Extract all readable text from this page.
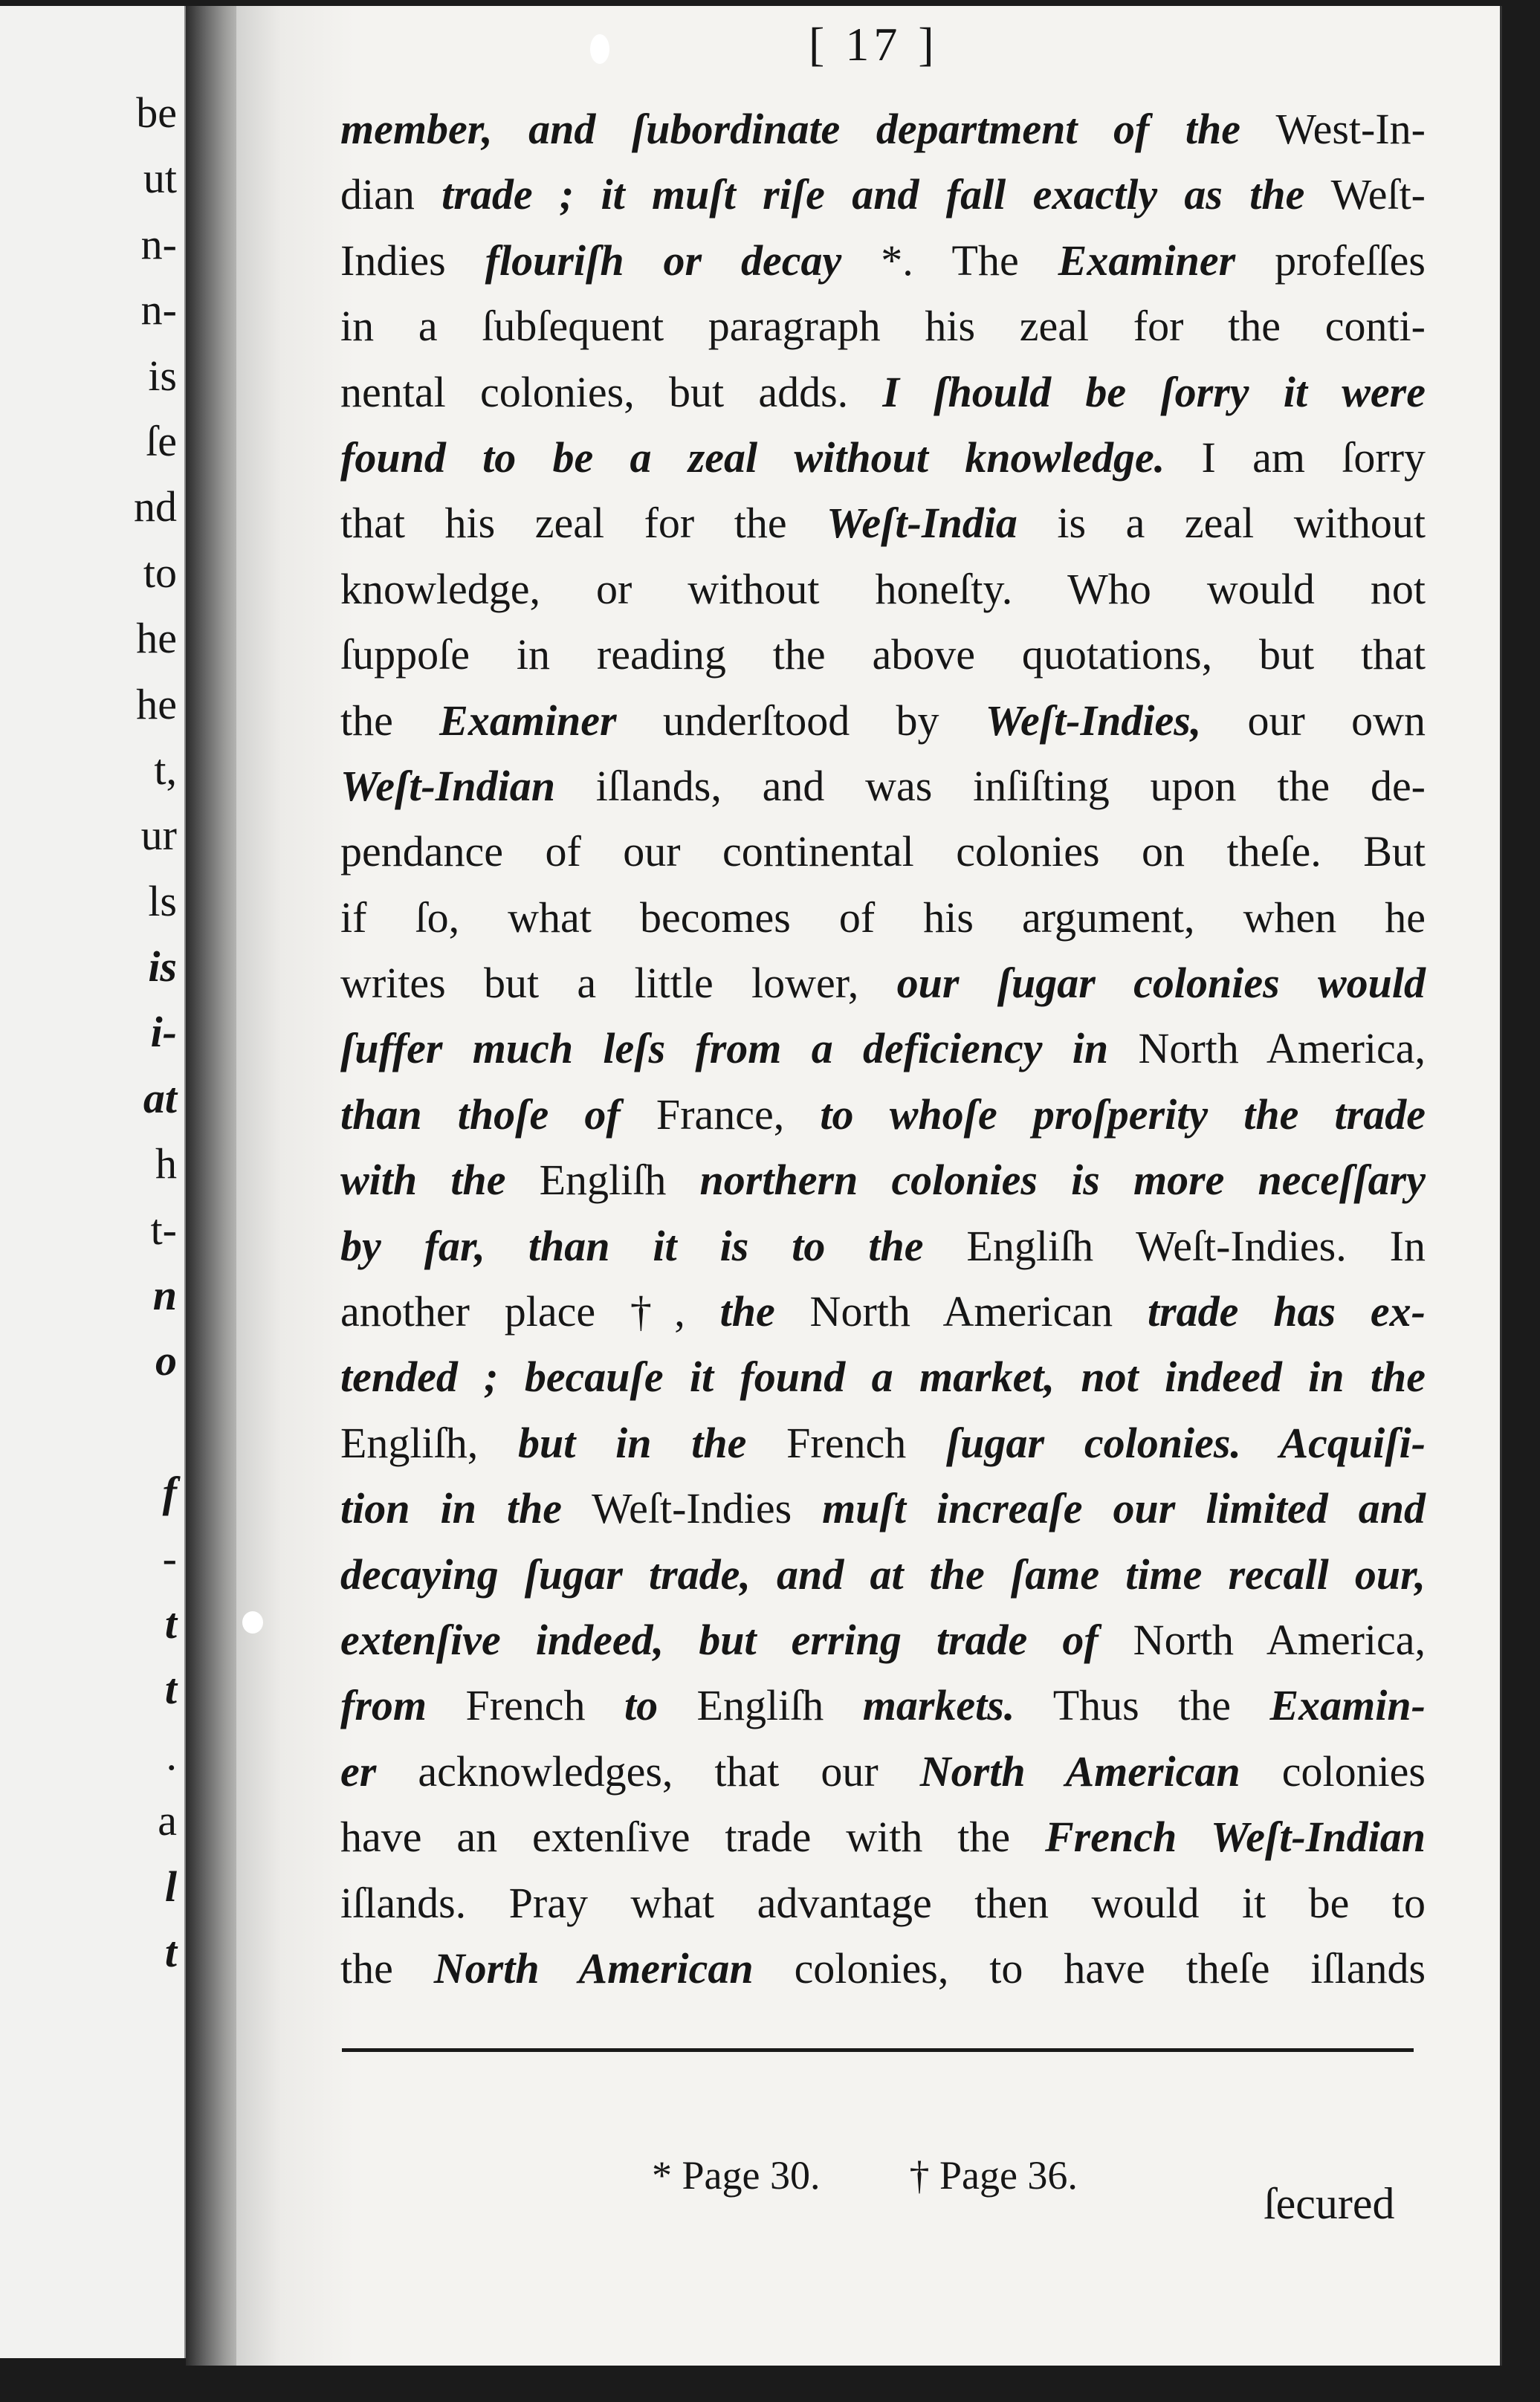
be
ut
n-
n-
is
ſe
nd
to
he
he
t,
ur
ls
is
i-
at
h
t-
n
o
f
-
t
t
.
a
l
t
[ 17 ]
member, and ſubordinate department of the West-In-
dian trade ; it muſt riſe and fall exactly as the Weſt-
Indies flouriſh or decay *. The Examiner profeſſes
in a ſubſequent paragraph his zeal for the conti-
nental colonies, but adds. I ſhould be ſorry it were
found to be a zeal without knowledge. I am ſorry
that his zeal for the Weſt-India is a zeal without
knowledge, or without honeſty. Who would not
ſuppoſe in reading the above quotations, but that
the Examiner underſtood by Weſt-Indies, our own
Weſt-Indian iſlands, and was inſiſting upon the de-
pendance of our continental colonies on theſe. But
if ſo, what becomes of his argument, when he
writes but a little lower, our ſugar colonies would
ſuffer much leſs from a deficiency in North America,
than thoſe of France, to whoſe proſperity the trade
with the Engliſh northern colonies is more neceſſary
by far, than it is to the Engliſh Weſt-Indies. In
another place †, the North American trade has ex-
tended ; becauſe it found a market, not indeed in the
Engliſh, but in the French ſugar colonies. Acquiſi-
tion in the Weſt-Indies muſt increaſe our limited and
decaying ſugar trade, and at the ſame time recall our,
extenſive indeed, but erring trade of North America,
from French to Engliſh markets. Thus the Examin-
er acknowledges, that our North American colonies
have an extenſive trade with the French Weſt-Indian
iſlands. Pray what advantage then would it be to
the North American colonies, to have theſe iſlands

* Page 30. † Page 36.

ſecured
